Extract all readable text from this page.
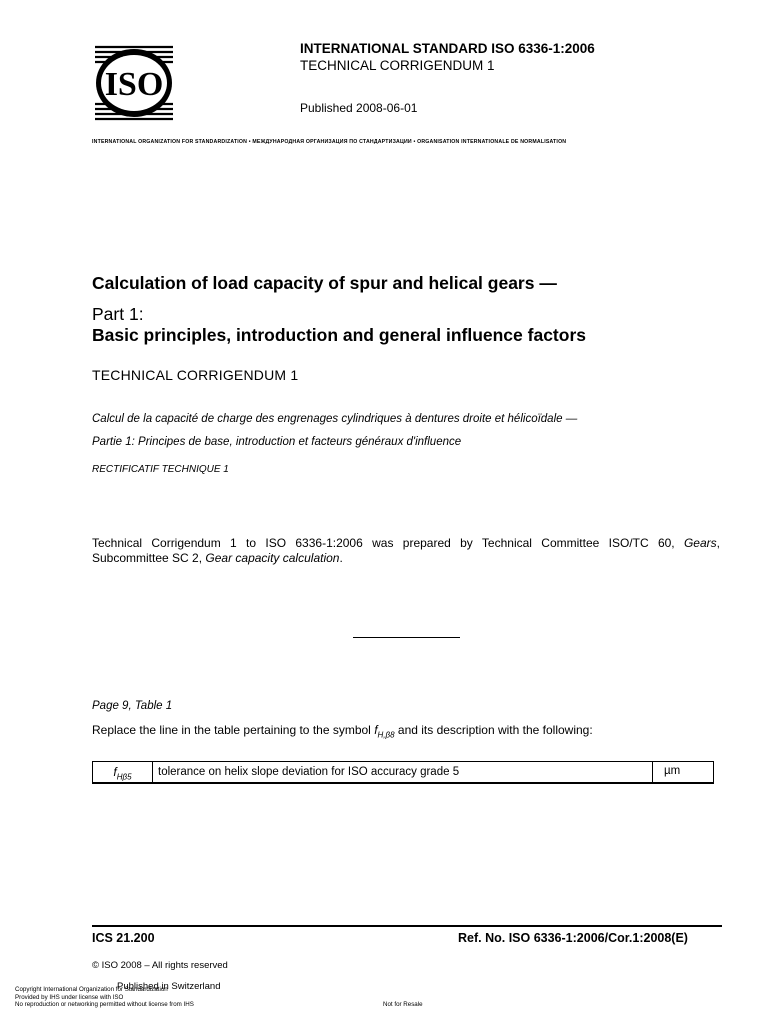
ISO
INTERNATIONAL STANDARD ISO 6336-1:2006
TECHNICAL CORRIGENDUM 1
Published 2008-06-01
INTERNATIONAL ORGANIZATION FOR STANDARDIZATION • МЕЖДУНАРОДНАЯ ОРГАНИЗАЦИЯ ПО СТАНДАРТИЗАЦИИ • ORGANISATION INTERNATIONALE DE NORMALISATION
Calculation of load capacity of spur and helical gears —
Part 1:
Basic principles, introduction and general influence factors
TECHNICAL CORRIGENDUM 1
Calcul de la capacité de charge des engrenages cylindriques à dentures droite et hélicoïdale —
Partie 1: Principes de base, introduction et facteurs généraux d'influence
RECTIFICATIF TECHNIQUE 1
Technical Corrigendum 1 to ISO 6336-1:2006 was prepared by Technical Committee ISO/TC 60, Gears, Subcommittee SC 2, Gear capacity calculation.
Page 9, Table 1
Replace the line in the table pertaining to the symbol $f_{H,\beta 8}$ and its description with the following:
$f_{H\beta 5}$	tolerance on helix slope deviation for ISO accuracy grade 5	µm
ICS 21.200	Ref. No. ISO 6336-1:2006/Cor.1:2008(E)
© ISO 2008 – All rights reserved
Published in Switzerland
Copyright International Organization for Standardization
Provided by IHS under license with ISO
No reproduction or networking permitted without license from IHS	Not for Resale
